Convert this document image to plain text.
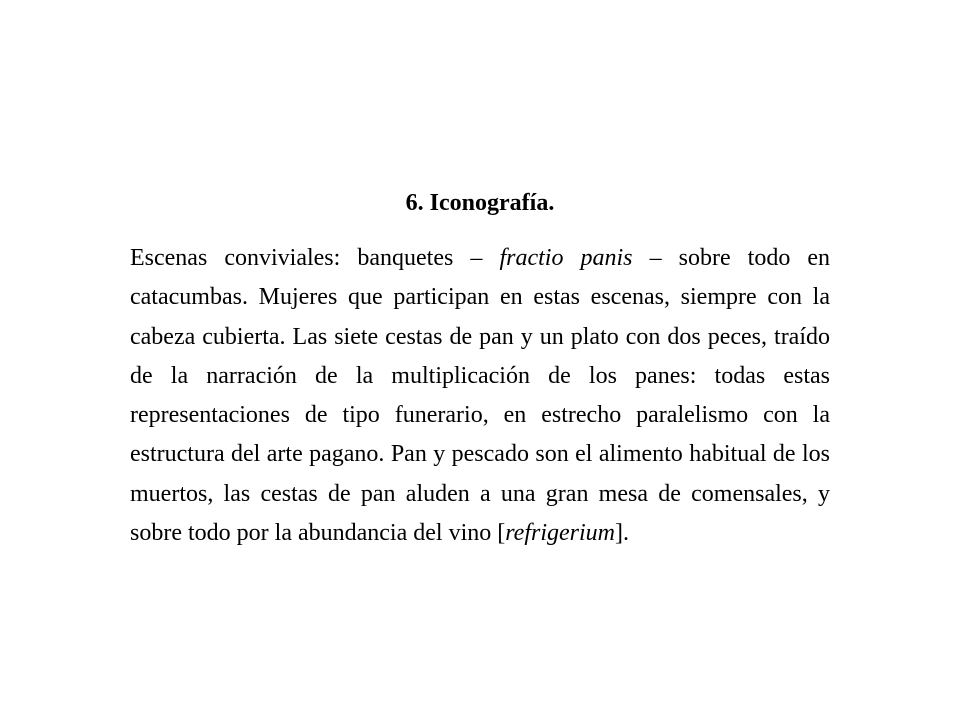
6. Iconografía.

Escenas conviviales: banquetes – fractio panis – sobre todo en catacumbas. Mujeres que participan en estas escenas, siempre con la cabeza cubierta. Las siete cestas de pan y un plato con dos peces, traído de la narración de la multiplicación de los panes: todas estas representaciones de tipo funerario, en estrecho paralelismo con la estructura del arte pagano. Pan y pescado son el alimento habitual de los muertos, las cestas de pan aluden a una gran mesa de comensales, y sobre todo por la abundancia del vino [refrigerium].
